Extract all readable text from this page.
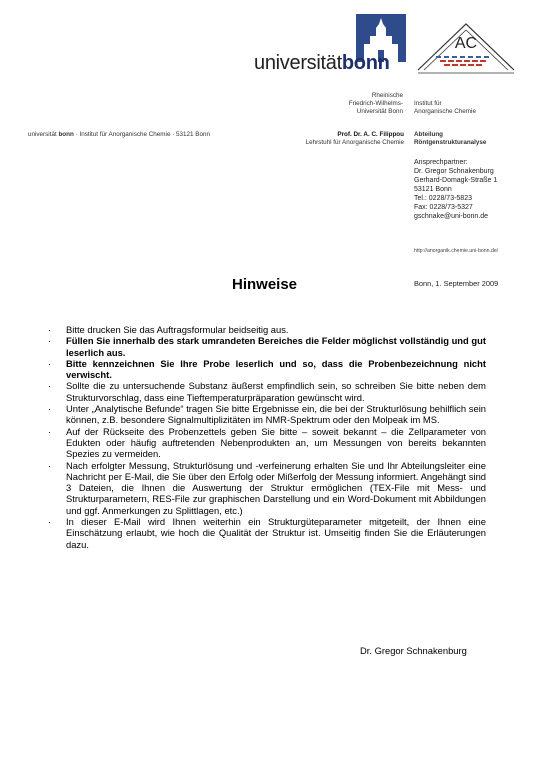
universitätbonn
AC
Rheinische
Friedrich-Wilhelms-
Universität Bonn
Institut für
Anorganische Chemie
universität bonn · Institut für Anorganische Chemie · 53121 Bonn	Prof. Dr. A. C. Filippou
Lehrstuhl für Anorganische Chemie
Abteilung
Röntgenstrukturanalyse
Ansprechpartner:
Dr. Gregor Schnakenburg
Gerhard-Domagk-Straße 1
53121 Bonn
Tel.: 0228/73-5823
Fax: 0228/73-5327
gschnake@uni-bonn.de
http://anorganik.chemie.uni-bonn.de/
Hinweise	Bonn, 1. September 2009
· Bitte drucken Sie das Auftragsformular beidseitig aus.
· Füllen Sie innerhalb des stark umrandeten Bereiches die Felder möglichst vollständig und gut leserlich aus.
· Bitte kennzeichnen Sie Ihre Probe leserlich und so, dass die Probenbezeichnung nicht verwischt.
· Sollte die zu untersuchende Substanz äußerst empfindlich sein, so schreiben Sie bitte neben dem Strukturvorschlag, dass eine Tieftemperaturpräparation gewünscht wird.
· Unter „Analytische Befunde“ tragen Sie bitte Ergebnisse ein, die bei der Strukturlösung behilflich sein können, z.B. besondere Signalmultiplizitäten im NMR-Spektrum oder den Molpeak im MS.
· Auf der Rückseite des Probenzettels geben Sie bitte – soweit bekannt – die Zellparameter von Edukten oder häufig auftretenden Nebenprodukten an, um Messungen von bereits bekannten Spezies zu vermeiden.
· Nach erfolgter Messung, Strukturlösung und -verfeinerung erhalten Sie und Ihr Abteilungsleiter eine Nachricht per E-Mail, die Sie über den Erfolg oder Mißerfolg der Messung informiert. Angehängt sind 3 Dateien, die Ihnen die Auswertung der Struktur ermöglichen (TEX-File mit Mess- und Strukturparametern, RES-File zur graphischen Darstellung und ein Word-Dokument mit Abbildungen und ggf. Anmerkungen zu Splittlagen, etc.)
· In dieser E-Mail wird Ihnen weiterhin ein Strukturgüteparameter mitgeteilt, der Ihnen eine Einschätzung erlaubt, wie hoch die Qualität der Struktur ist. Umseitig finden Sie die Erläuterungen dazu.
Dr. Gregor Schnakenburg
